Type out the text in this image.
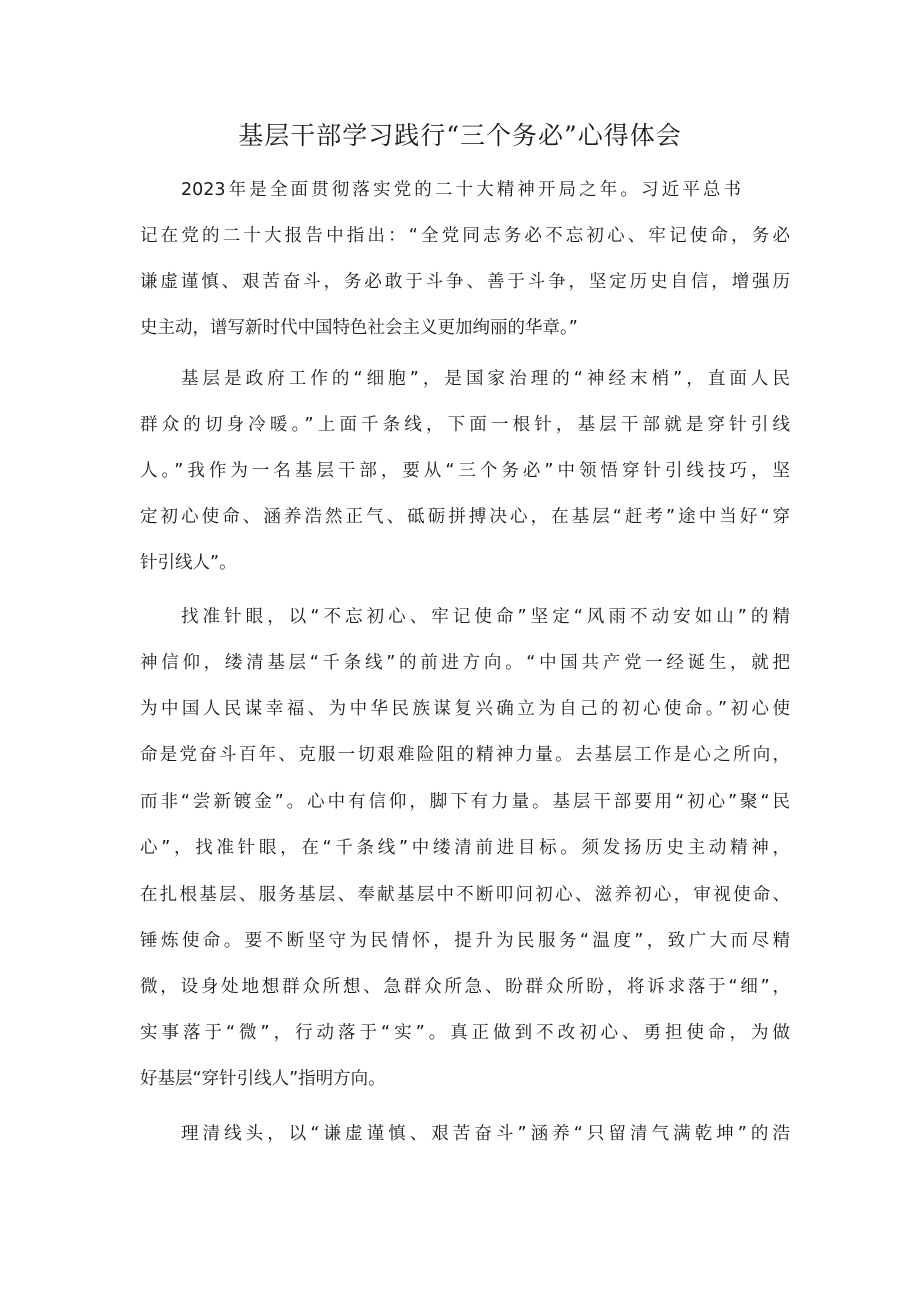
基层干部学习践行“三个务必”心得体会
2023年是全面贯彻落实党的二十大精神开局之年。习近平总书
记在党的二十大报告中指出：“全党同志务必不忘初心、牢记使命，务必
谦虚谨慎、艰苦奋斗，务必敢于斗争、善于斗争，坚定历史自信，增强历
史主动，谱写新时代中国特色社会主义更加绚丽的华章。”
基层是政府工作的“细胞”，是国家治理的“神经末梢”，直面人民
群众的切身冷暖。”上面千条线，下面一根针，基层干部就是穿针引线
人。”我作为一名基层干部，要从“三个务必”中领悟穿针引线技巧，坚
定初心使命、涵养浩然正气、砥砺拼搏决心，在基层“赶考”途中当好“穿
针引线人”。
找准针眼，以“不忘初心、牢记使命”坚定“风雨不动安如山”的精
神信仰，缕清基层“千条线”的前进方向。“中国共产党一经诞生，就把
为中国人民谋幸福、为中华民族谋复兴确立为自己的初心使命。”初心使
命是党奋斗百年、克服一切艰难险阻的精神力量。去基层工作是心之所向，
而非“尝新镀金”。心中有信仰，脚下有力量。基层干部要用“初心”聚“民
心”，找准针眼，在“千条线”中缕清前进目标。须发扬历史主动精神，
在扎根基层、服务基层、奉献基层中不断叩问初心、滋养初心，审视使命、
锤炼使命。要不断坚守为民情怀，提升为民服务“温度”，致广大而尽精
微，设身处地想群众所想、急群众所急、盼群众所盼，将诉求落于“细”，
实事落于“微”，行动落于“实”。真正做到不改初心、勇担使命，为做
好基层“穿针引线人”指明方向。
理清线头，以“谦虚谨慎、艰苦奋斗”涵养“只留清气满乾坤”的浩
